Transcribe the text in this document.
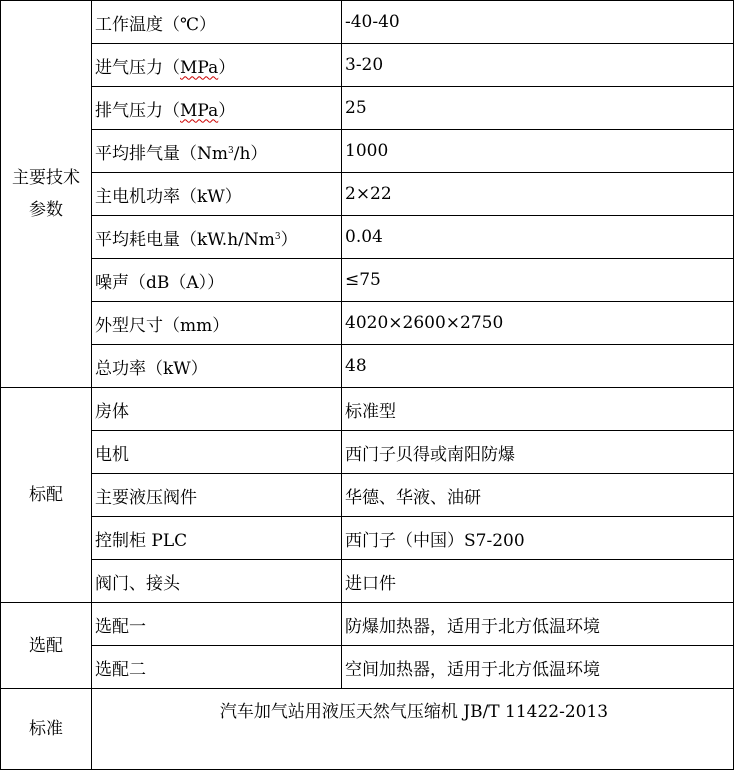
主要技术
参数	工作温度（℃）	-40-40
	进气压力（MPa）	3-20
	排气压力（MPa）	25
	平均排气量（Nm$^3$/h）	1000
	主电机功率（kW）	2×22
	平均耗电量（kW.h/Nm$^3$）	0.04
	噪声（dB（A））	≤75
	外型尺寸（mm）	4020×2600×2750
	总功率（kW）	48
标配	房体	标准型
	电机	西门子贝得或南阳防爆
	主要液压阀件	华德、华液、油研
	控制柜 PLC	西门子（中国）S7-200
	阀门、接头	进口件
选配	选配一	防爆加热器，适用于北方低温环境
	选配二	空间加热器，适用于北方低温环境
标准	汽车加气站用液压天然气压缩机 JB/T 11422-2013	
